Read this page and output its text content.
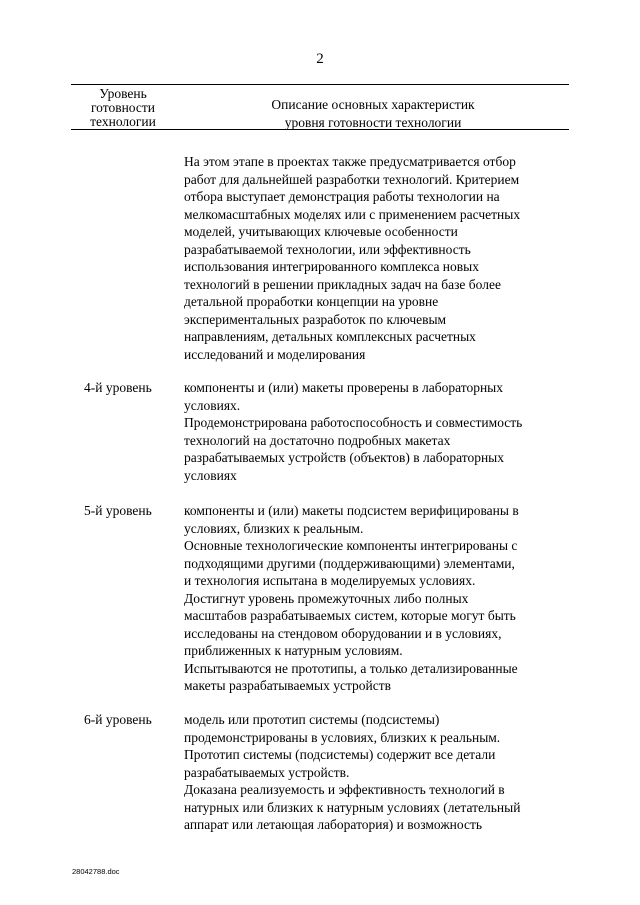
2
Уровень
готовности
технологии
Описание основных характеристик
уровня готовности технологии
На этом этапе в проектах также предусматривается отбор
работ для дальнейшей разработки технологий. Критерием
отбора выступает демонстрация работы технологии на
мелкомасштабных моделях или с применением расчетных
моделей, учитывающих ключевые особенности
разрабатываемой технологии, или эффективность
использования интегрированного комплекса новых
технологий в решении прикладных задач на базе более
детальной проработки концепции на уровне
экспериментальных разработок по ключевым
направлениям, детальных комплексных расчетных
исследований и моделирования
4-й уровень компоненты и (или) макеты проверены в лабораторных
условиях.
Продемонстрирована работоспособность и совместимость
технологий на достаточно подробных макетах
разрабатываемых устройств (объектов) в лабораторных
условиях
5-й уровень компоненты и (или) макеты подсистем верифицированы в
условиях, близких к реальным.
Основные технологические компоненты интегрированы с
подходящими другими (поддерживающими) элементами,
и технология испытана в моделируемых условиях.
Достигнут уровень промежуточных либо полных
масштабов разрабатываемых систем, которые могут быть
исследованы на стендовом оборудовании и в условиях,
приближенных к натурным условиям.
Испытываются не прототипы, а только детализированные
макеты разрабатываемых устройств
6-й уровень модель или прототип системы (подсистемы)
продемонстрированы в условиях, близких к реальным.
Прототип системы (подсистемы) содержит все детали
разрабатываемых устройств.
Доказана реализуемость и эффективность технологий в
натурных или близких к натурным условиях (летательный
аппарат или летающая лаборатория) и возможность
28042788.doc
